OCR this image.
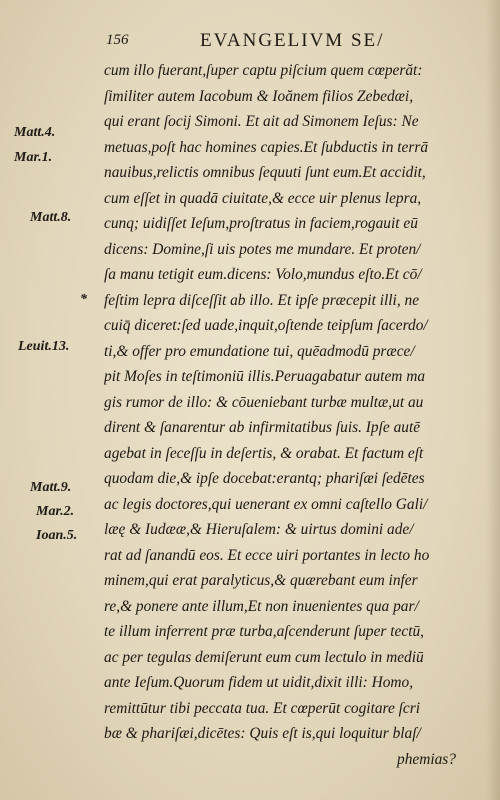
156	EVANGELIVM SE/
Matt.4.
Mar.1.
Matt.8.
*
Leuit.13.
Matt.9.
Mar.2.
Ioan.5.
cum illo fuerant,ſuper captu piſcium quem cœperăt:
ſimiliter autem Iacobum & Ioănem filios Zebedæi,
qui erant ſocij Simoni. Et ait ad Simonem Ieſus: Ne
metuas,poſt hac homines capies.Et ſubductis in terrā
nauibus,relictis omnibus ſequuti ſunt eum.Et accidit,
cum eſſet in quadā ciuitate,& ecce uir plenus lepra,
cunq; uidiſſet Ieſum,proſtratus in faciem,rogauit eū
dicens: Domine,ſi uis potes me mundare. Et proten/
ſa manu tetigit eum.dicens: Volo,mundus eſto.Et cō/
feſtim lepra diſceſſit ab illo. Et ipſe præcepit illi, ne
cuiq̄ diceret:ſed uade,inquit,oſtende teipſum ſacerdo/
ti,& offer pro emundatione tui, quēadmodū præce/
pit Moſes in teſtimoniū illis.Peruagabatur autem ma
gis rumor de illo: & cōueniebant turbæ multæ,ut au
dirent & ſanarentur ab infirmitatibus ſuis. Ipſe autē
agebat in ſeceſſu in deſertis, & orabat. Et factum eſt
quodam die,& ipſe docebat:erantq; phariſæi ſedētes
ac legis doctores,qui uenerant ex omni caſtello Gali/
læę & Iudææ,& Hieruſalem: & uirtus domini ade/
rat ad ſanandū eos. Et ecce uiri portantes in lecto ho
minem,qui erat paralyticus,& quærebant eum infer
re,& ponere ante illum,Et non inuenientes qua par/
te illum inferrent præ turba,aſcenderunt ſuper tectū,
ac per tegulas demiſerunt eum cum lectulo in mediū
ante Ieſum.Quorum fidem ut uidit,dixit illi: Homo,
remittūtur tibi peccata tua. Et cœperūt cogitare ſcri
bæ & phariſæi,dicētes: Quis eſt is,qui loquitur blaſ/
phemias?
